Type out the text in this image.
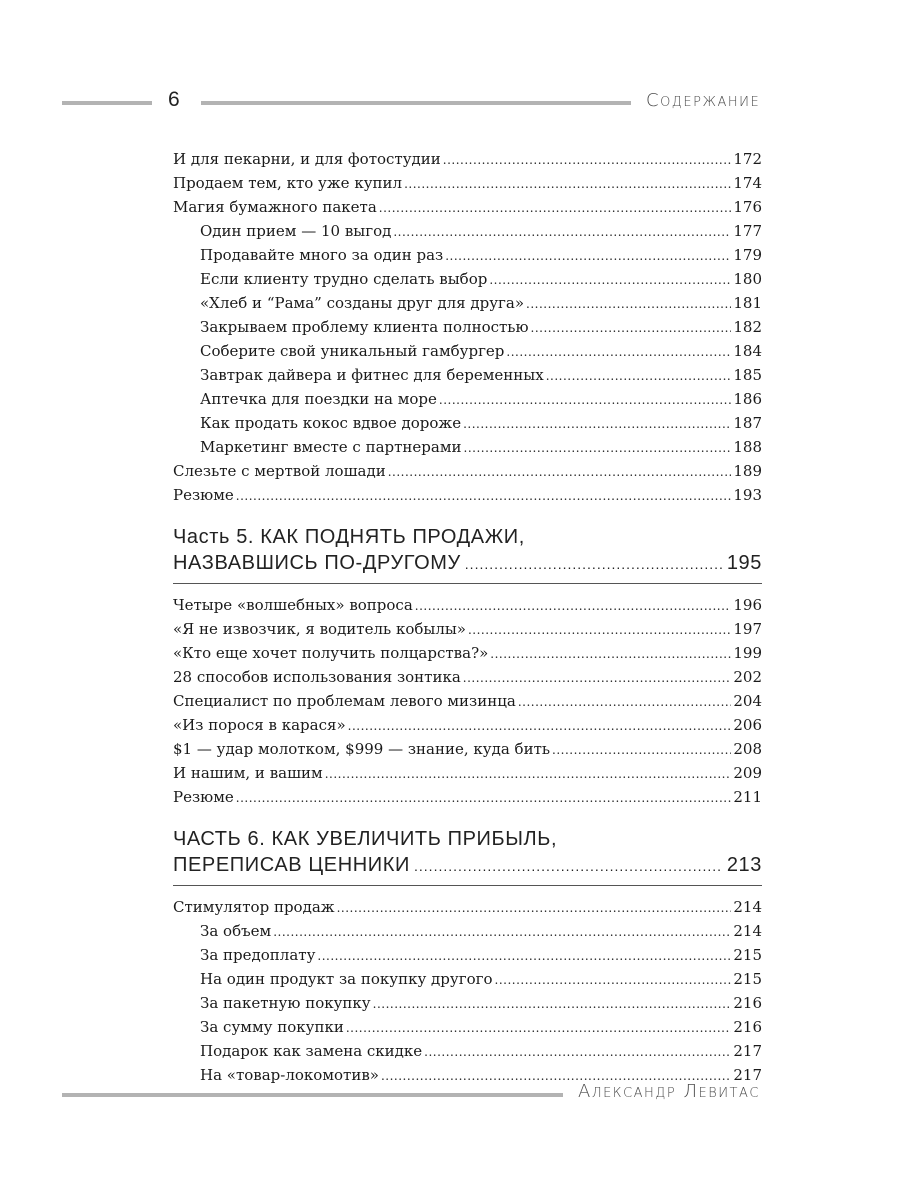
6	Содержание
И для пекарни, и для фотостудии .....	172
Продаем тем, кто уже купил .....	174
Магия бумажного пакета .....	176
Один прием — 10 выгод .....	177
Продавайте много за один раз .....	179
Если клиенту трудно сделать выбор .....	180
«Хлеб и “Рама” созданы друг для друга» .....	181
Закрываем проблему клиента полностью .....	182
Соберите свой уникальный гамбургер .....	184
Завтрак дайвера и фитнес для беременных .....	185
Аптечка для поездки на море .....	186
Как продать кокос вдвое дороже .....	187
Маркетинг вместе с партнерами .....	188
Слезьте с мертвой лошади .....	189
Резюме .....	193
Часть 5. КАК ПОДНЯТЬ ПРОДАЖИ,
НАЗВАВШИСЬ ПО-ДРУГОМУ .....	195
Четыре «волшебных» вопроса .....	196
«Я не извозчик, я водитель кобылы» .....	197
«Кто еще хочет получить полцарства?» .....	199
28 способов использования зонтика .....	202
Специалист по проблемам левого мизинца .....	204
«Из порося в карася» .....	206
$1 — удар молотком, $999 — знание, куда бить .....	208
И нашим, и вашим .....	209
Резюме .....	211
ЧАСТЬ 6. КАК УВЕЛИЧИТЬ ПРИБЫЛЬ,
ПЕРЕПИСАВ ЦЕННИКИ .....	213
Стимулятор продаж .....	214
За объем .....	214
За предоплату .....	215
На один продукт за покупку другого .....	215
За пакетную покупку .....	216
За сумму покупки .....	216
Подарок как замена скидке .....	217
На «товар-локомотив» .....	217
Александр Левитас
